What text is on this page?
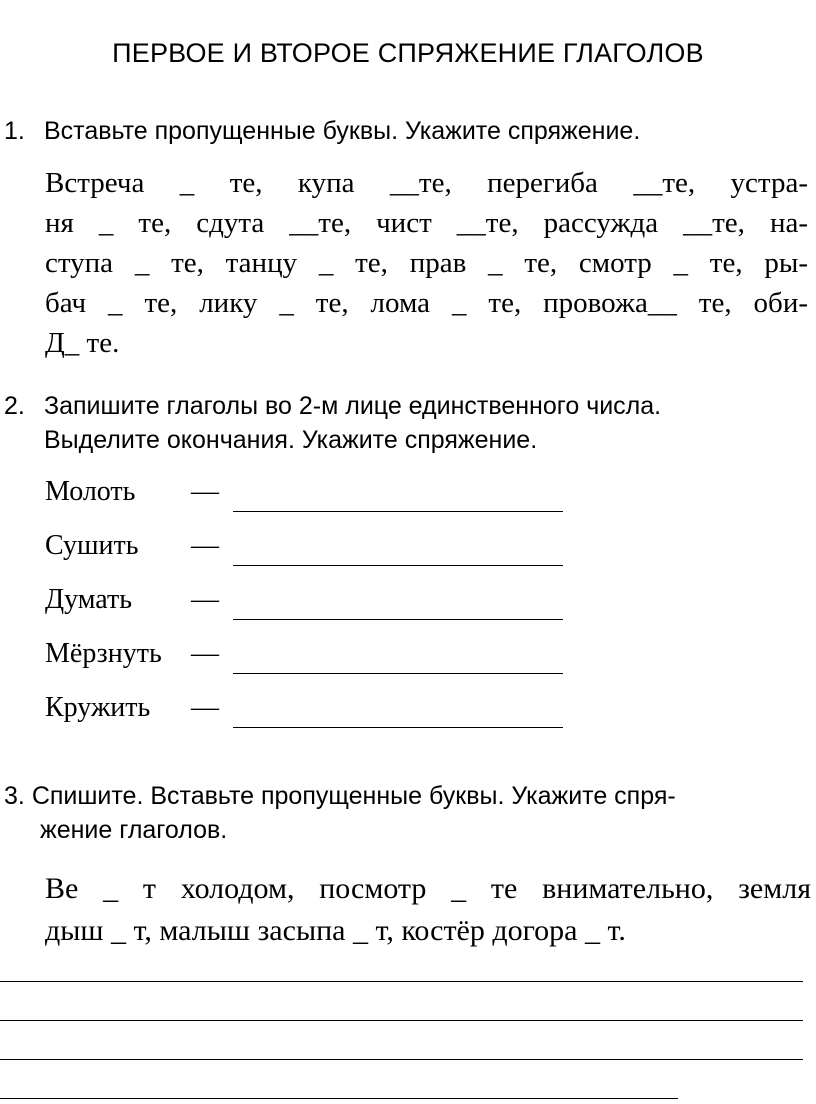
ПЕРВОЕ И ВТОРОЕ СПРЯЖЕНИЕ ГЛАГОЛОВ
1. Вставьте пропущенные буквы. Укажите спряжение.
Встреча _ те, купа __те, перегиба __те, устра-
ня _ те, сдута __те, чист __те, рассужда __те, на-
ступа _ те, танцу _ те, прав _ те, смотр _ те, ры-
бач _ те, лику _ те, лома _ те, провожа__ те, оби-
Д_ те.
2. Запишите глаголы во 2-м лице единственного числа.
Выделите окончания. Укажите спряжение.
Молоть —
Сушить —
Думать —
Мёрзнуть —
Кружить —
3. Спишите. Вставьте пропущенные буквы. Укажите спря-
жение глаголов.
Ве _ т холодом, посмотр _ те внимательно, земля
дыш _ т, малыш засыпа _ т, костёр догора _ т.
